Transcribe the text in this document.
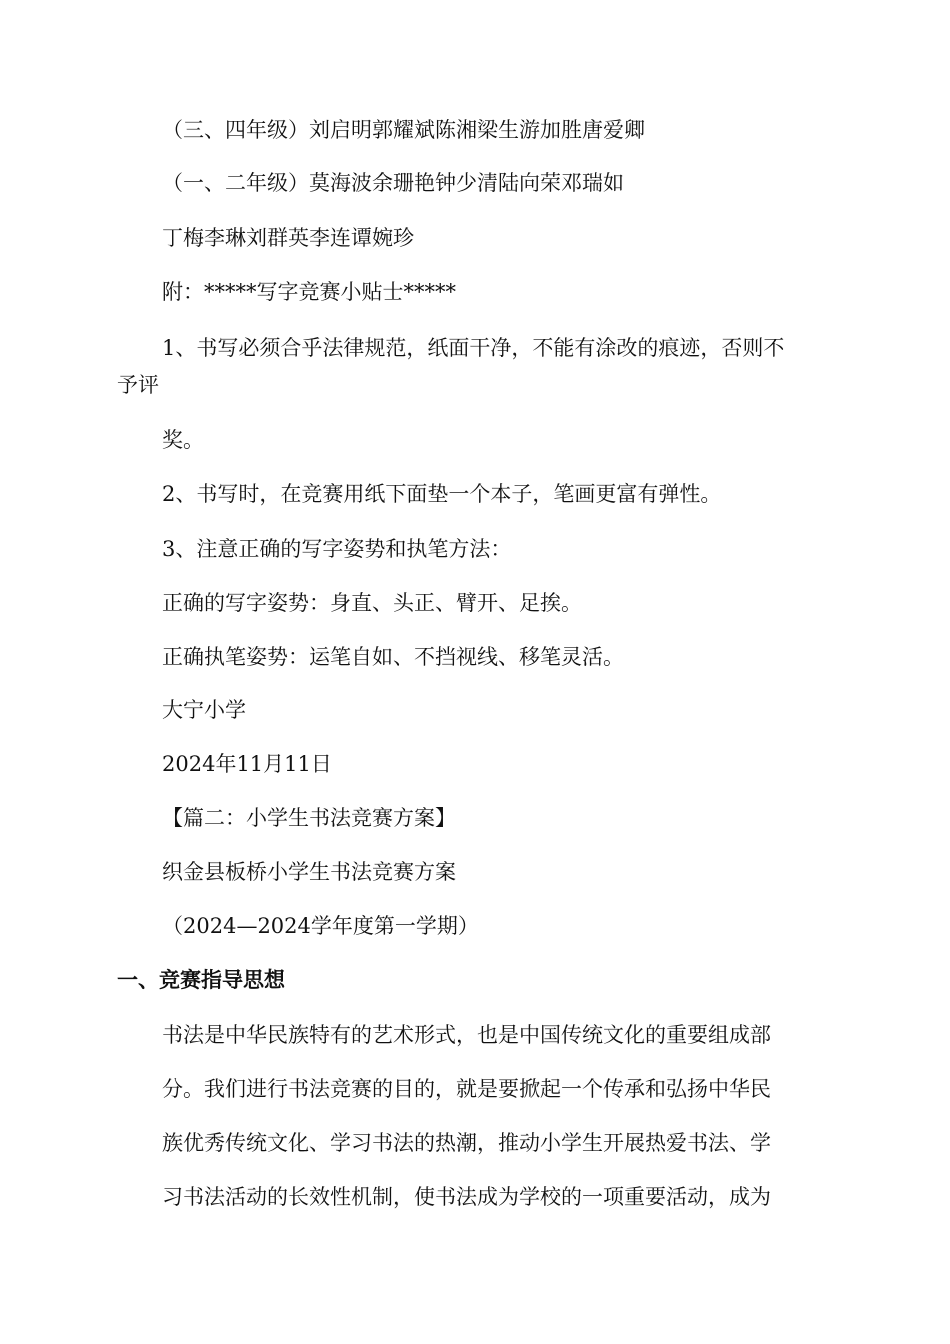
（三、四年级）刘启明郭耀斌陈湘梁生游加胜唐爱卿

（一、二年级）莫海波余珊艳钟少清陆向荣邓瑞如

丁梅李琳刘群英李连谭婉珍

附：*****写字竞赛小贴士*****

1、书写必须合乎法律规范，纸面干净，不能有涂改的痕迹，否则不

予评

奖。

2、书写时，在竞赛用纸下面垫一个本子，笔画更富有弹性。

3、注意正确的写字姿势和执笔方法：

正确的写字姿势：身直、头正、臂开、足挨。

正确执笔姿势：运笔自如、不挡视线、移笔灵活。

大宁小学

2024年11月11日

【篇二：小学生书法竞赛方案】

织金县板桥小学生书法竞赛方案

（2024—2024学年度第一学期）

一、竞赛指导思想

书法是中华民族特有的艺术形式，也是中国传统文化的重要组成部

分。我们进行书法竞赛的目的，就是要掀起一个传承和弘扬中华民

族优秀传统文化、学习书法的热潮，推动小学生开展热爱书法、学

习书法活动的长效性机制，使书法成为学校的一项重要活动，成为
